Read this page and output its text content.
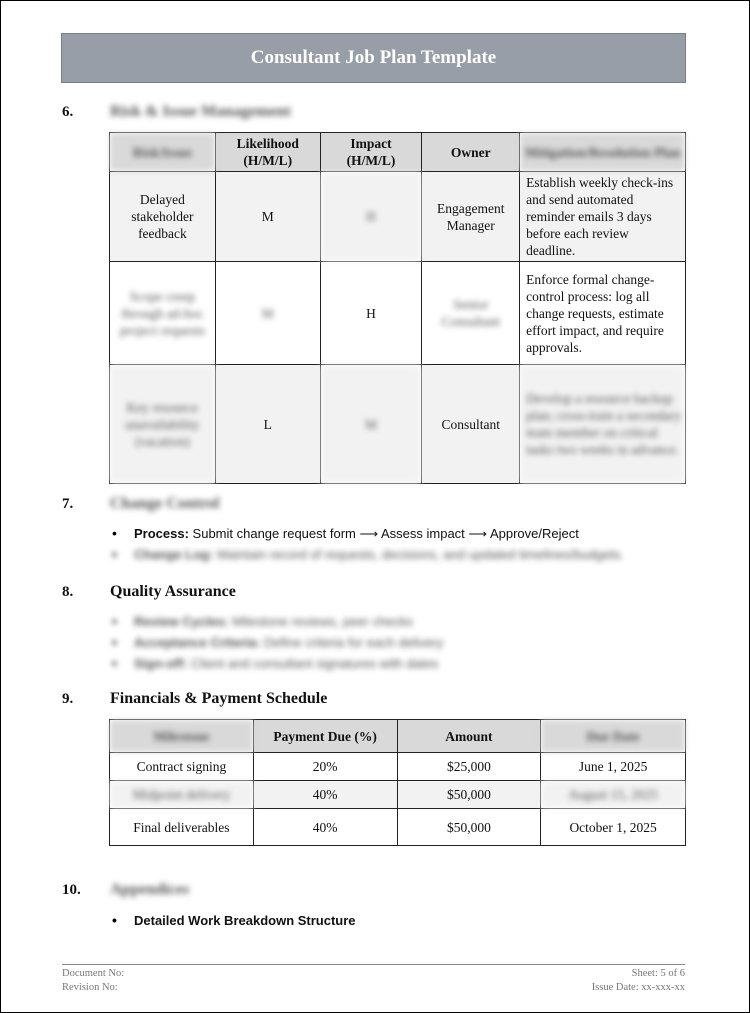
Consultant Job Plan Template
6. Risk & Issue Management
Risk/Issue	Likelihood (H/M/L)	Impact (H/M/L)	Owner	Mitigation/Resolution Plan
Delayed stakeholder feedback	M	H	Engagement Manager	Establish weekly check-ins and send automated reminder emails 3 days before each review deadline.
Scope creep through ad-hoc project requests	M	H	Senior Consultant	Enforce formal change-control process: log all change requests, estimate effort impact, and require approvals.
Key resource unavailability (vacation)	L	M	Consultant	Develop a resource backup plan; cross-train a secondary team member on critical tasks two weeks in advance.
7. Change Control
• Process: Submit change request form ⟶ Assess impact ⟶ Approve/Reject
• Change Log: Maintain record of requests, decisions, and updated timelines/budgets.
8. Quality Assurance
• Review Cycles: Milestone reviews, peer checks
• Acceptance Criteria: Define criteria for each delivery
• Sign-off: Client and consultant signatures with dates
9. Financials & Payment Schedule
Milestone	Payment Due (%)	Amount	Due Date
Contract signing	20%	$25,000	June 1, 2025
Midpoint delivery	40%	$50,000	August 15, 2025
Final deliverables	40%	$50,000	October 1, 2025
10. Appendices
• Detailed Work Breakdown Structure
Document No:	Sheet: 5 of 6
Revision No:	Issue Date: xx-xxx-xx
